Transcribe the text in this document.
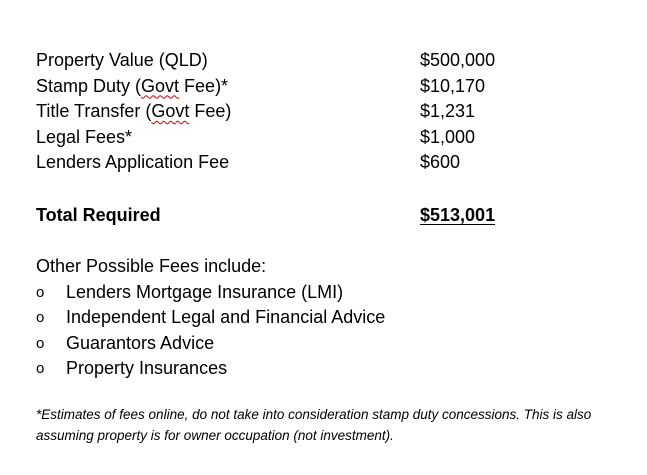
Property Value (QLD)	$500,000
Stamp Duty (Govt Fee)*	$10,170
Title Transfer (Govt Fee)	$1,231
Legal Fees*	$1,000
Lenders Application Fee	$600
Total Required	$513,001
Other Possible Fees include:
o Lenders Mortgage Insurance (LMI)
o Independent Legal and Financial Advice
o Guarantors Advice
o Property Insurances
*Estimates of fees online, do not take into consideration stamp duty concessions. This is also assuming property is for owner occupation (not investment).
